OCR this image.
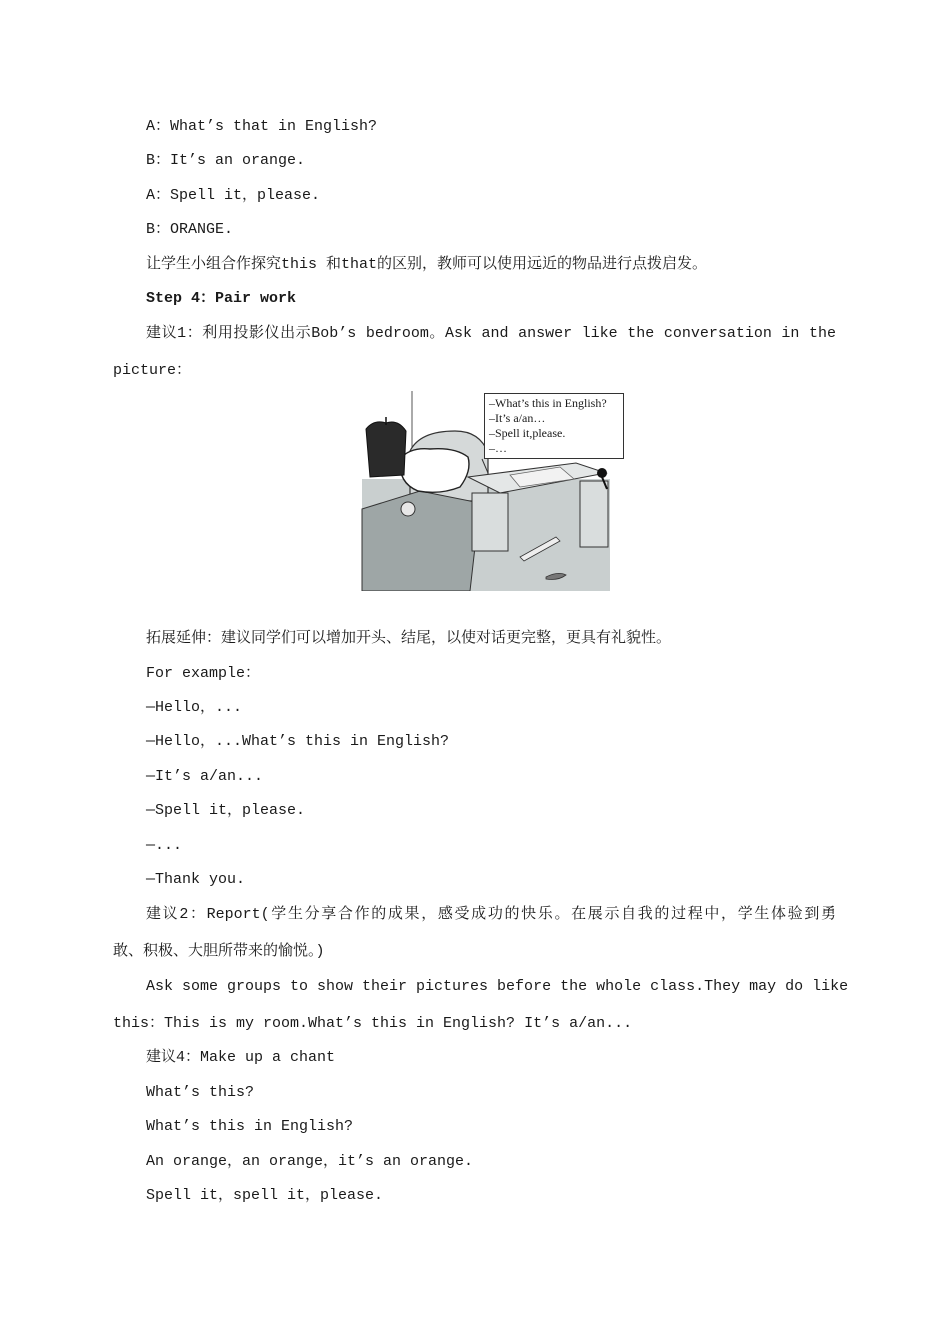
A：What’s that in English?
B：It’s an orange.
A：Spell it，please.
B：ORANGE.
让学生小组合作探究this 和that的区别，教师可以使用远近的物品进行点拨启发。
Step 4：Pair work
建议1：利用投影仪出示Bob’s bedroom。Ask and answer like the conversation in the
picture：
–What’s this in English?
–It’s a/an…
–Spell it,please.
–…
拓展延伸：建议同学们可以增加开头、结尾，以使对话更完整，更具有礼貌性。
For example：
—Hello，...
—Hello，...What’s this in English?
—It’s a/an...
—Spell it，please.
—...
—Thank you.
建议2：Report(学生分享合作的成果，感受成功的快乐。在展示自我的过程中，学生体验到勇
敢、积极、大胆所带来的愉悦。)
Ask some groups to show their pictures before the whole class.They may do like
this：This is my room.What’s this in English? It’s a/an...
建议4：Make up a chant
What’s this?
What’s this in English?
An orange，an orange，it’s an orange.
Spell it，spell it，please.
